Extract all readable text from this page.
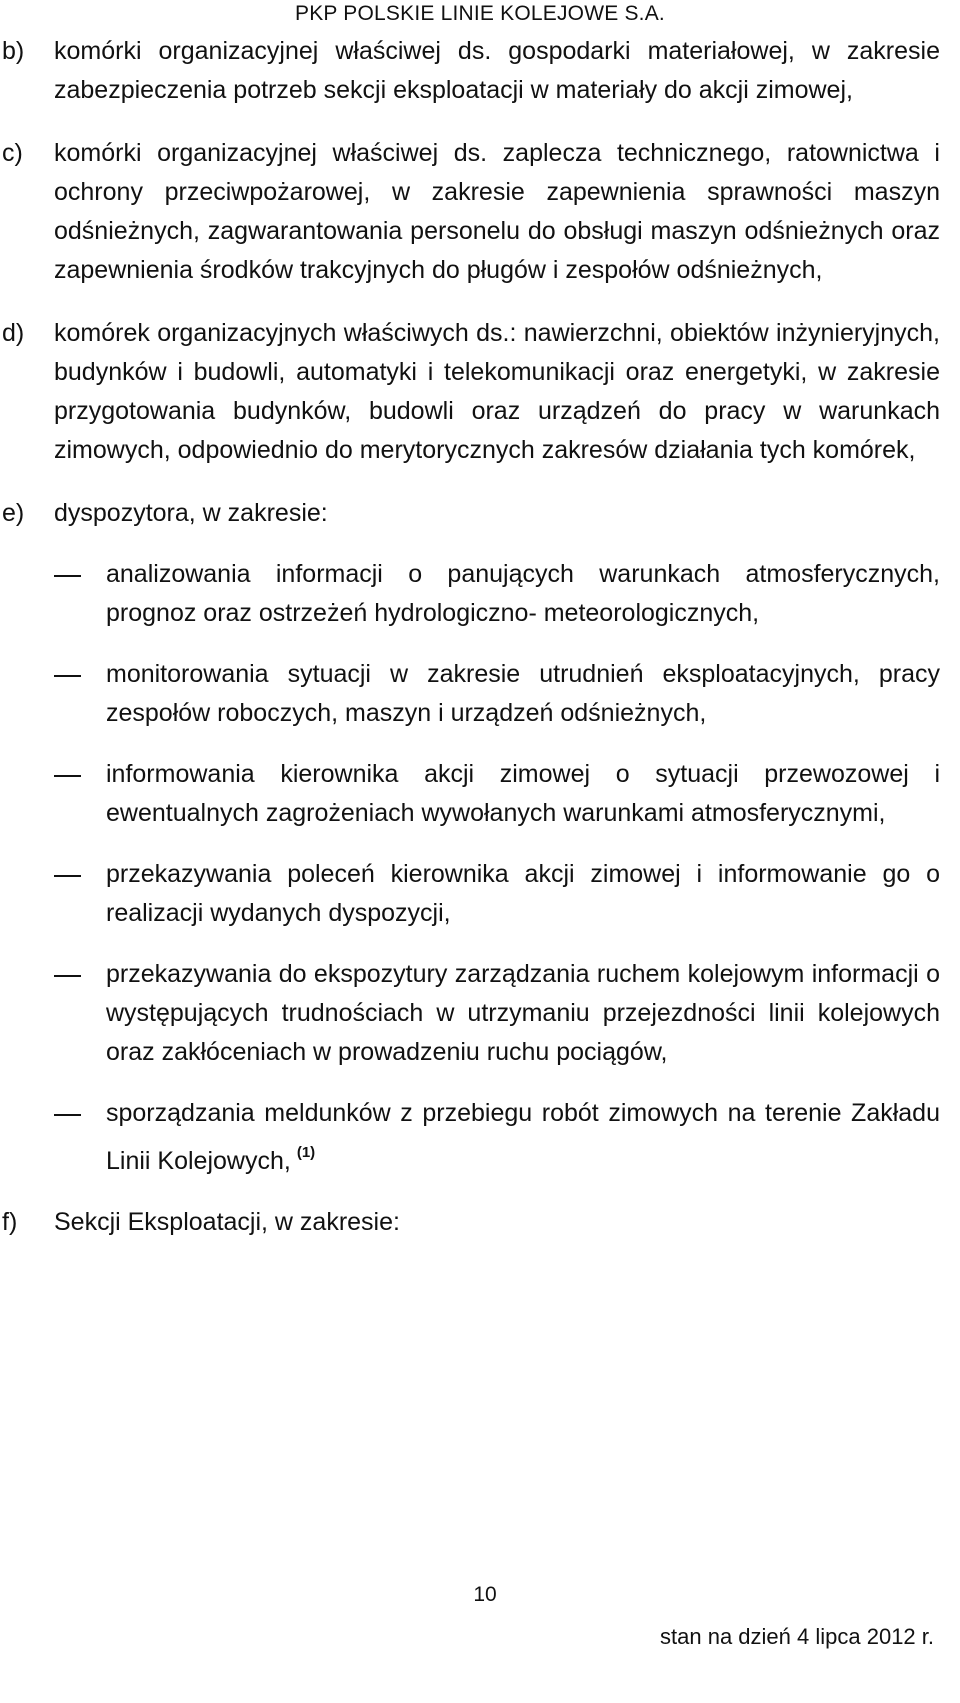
PKP POLSKIE LINIE KOLEJOWE S.A.
b)	komórki organizacyjnej właściwej ds. gospodarki materiałowej, w zakresie zabezpieczenia potrzeb sekcji eksploatacji w materiały do akcji zimowej,
c)	komórki organizacyjnej właściwej ds. zaplecza technicznego, ratownictwa i ochrony przeciwpożarowej, w zakresie zapewnienia sprawności maszyn odśnieżnych, zagwarantowania personelu do obsługi maszyn odśnieżnych oraz zapewnienia środków trakcyjnych do pługów i zespołów odśnieżnych,
d)	komórek organizacyjnych właściwych ds.: nawierzchni, obiektów inżynieryjnych, budynków i budowli, automatyki i telekomunikacji oraz energetyki, w zakresie przygotowania budynków, budowli oraz urządzeń do pracy w warunkach zimowych, odpowiednio do merytorycznych zakresów działania tych komórek,
e)	dyspozytora, w zakresie:
analizowania informacji o panujących warunkach atmosferycznych, prognoz oraz ostrzeżeń hydrologiczno- meteorologicznych,
monitorowania sytuacji w zakresie utrudnień eksploatacyjnych, pracy zespołów roboczych, maszyn i urządzeń odśnieżnych,
informowania kierownika akcji zimowej o sytuacji przewozowej i ewentualnych zagrożeniach wywołanych warunkami atmosferycznymi,
przekazywania poleceń kierownika akcji zimowej i informowanie go o realizacji wydanych dyspozycji,
przekazywania do ekspozytury zarządzania ruchem kolejowym informacji o występujących trudnościach w utrzymaniu przejezdności linii kolejowych oraz zakłóceniach w prowadzeniu ruchu pociągów,
sporządzania meldunków z przebiegu robót zimowych na terenie Zakładu Linii Kolejowych, $^{(1)}$
f)	Sekcji Eksploatacji, w zakresie:
10
stan na dzień 4 lipca 2012 r.
